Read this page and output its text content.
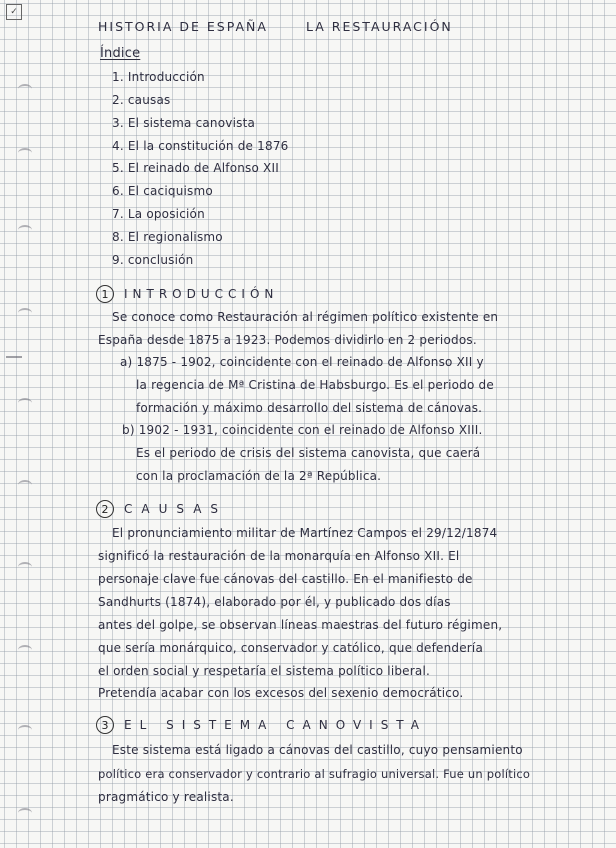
✓
HISTORIA DE ESPAÑA	LA RESTAURACIÓN
Índice
1. Introducción
2. causas
3. El sistema canovista
4. El la constitución de 1876
5. El reinado de Alfonso XII
6. El caciquismo
7. La oposición
8. El regionalismo
9. conclusión
1	INTRODUCCIÓN
Se conoce como Restauración al régimen político existente en
España desde 1875 a 1923. Podemos dividirlo en 2 periodos.
a) 1875 - 1902, coincidente con el reinado de Alfonso XII y
la regencia de Mª Cristina de Habsburgo. Es el periodo de
formación y máximo desarrollo del sistema de cánovas.
b) 1902 - 1931, coincidente con el reinado de Alfonso XIII.
Es el periodo de crisis del sistema canovista, que caerá
con la proclamación de la 2ª República.
2	CAUSAS
El pronunciamiento militar de Martínez Campos el 29/12/1874
significó la restauración de la monarquía en Alfonso XII. El
personaje clave fue cánovas del castillo. En el manifiesto de
Sandhurts (1874), elaborado por él, y publicado dos días
antes del golpe, se observan líneas maestras del futuro régimen,
que sería monárquico, conservador y católico, que defendería
el orden social y respetaría el sistema político liberal.
Pretendía acabar con los excesos del sexenio democrático.
3	EL SISTEMA CANOVISTA
Este sistema está ligado a cánovas del castillo, cuyo pensamiento
político era conservador y contrario al sufragio universal. Fue un político
pragmático y realista.
